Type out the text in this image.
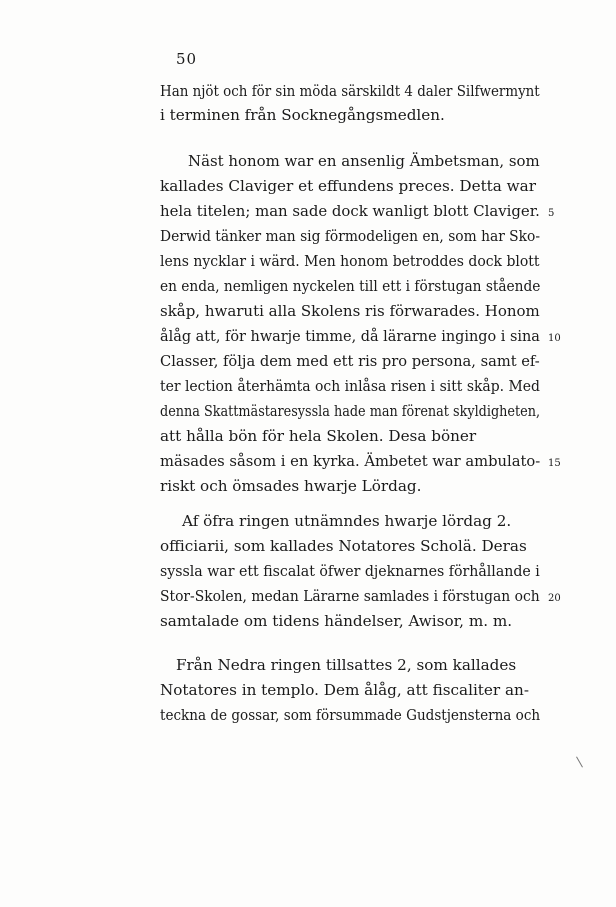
50
Han njöt och för sin möda särskildt 4 daler Silfwermynt
i terminen från Socknegångsmedlen.
Näst honom war en ansenlig Ämbetsman, som
kallades Claviger et effundens preces. Detta war
hela titelen; man sade dock wanligt blott Claviger.
Derwid tänker man sig förmodeligen en, som har Sko-
lens nycklar i wärd. Men honom betroddes dock blott
en enda, nemligen nyckelen till ett i förstugan stående
skåp, hwaruti alla Skolens ris förwarades. Honom
ålåg att, för hwarje timme, då lärarne ingingo i sina
Classer, följa dem med ett ris pro persona, samt ef-
ter lection återhämta och inlåsa risen i sitt skåp. Med
denna Skattmästaresyssla hade man förenat skyldigheten,
att hålla bön för hela Skolen. Desa böner
mäsades såsom i en kyrka. Ämbetet war ambulato-
riskt och ömsades hwarje Lördag.
Af öfra ringen utnämndes hwarje lördag 2.
officiarii, som kallades Notatores Scholä. Deras
syssla war ett fiscalat öfwer djeknarnes förhållande i
Stor-Skolen, medan Lärarne samlades i förstugan och
samtalade om tidens händelser, Awisor, m. m.
Från Nedra ringen tillsattes 2, som kallades
Notatores in templo. Dem ålåg, att fiscaliter an-
teckna de gossar, som försummade Gudstjensterna och
5
10
15
20
